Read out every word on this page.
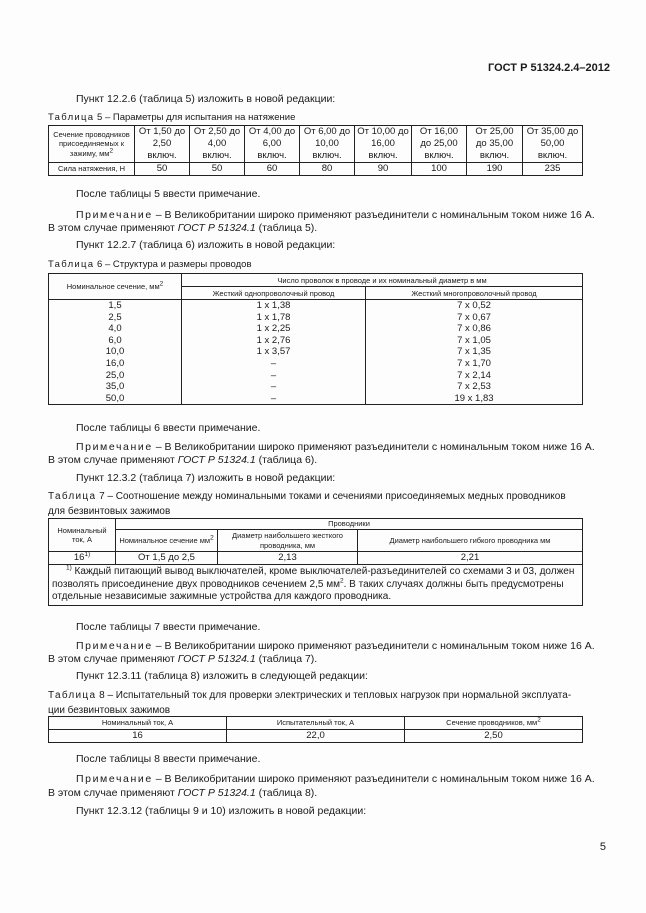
ГОСТ Р 51324.2.4–2012
Пункт 12.2.6 (таблица 5) изложить в новой редакции:
Таблица 5 – Параметры для испытания на натяжение
Сечение проводников присоединяемых к зажиму, $мм^2$	От 1,50 до 2,50 включ.	От 2,50 до 4,00 включ.	От 4,00 до 6,00 включ.	От 6,00 до 10,00 включ.	От 10,00 до 16,00 включ.	От 16,00 до 25,00 включ.	От 25,00 до 35,00 включ.	От 35,00 до 50,00 включ.
Сила натяжения, Н	50	50	60	80	90	100	190	235
После таблицы 5 ввести примечание.
Примечание – В Великобритании широко применяют разъединители с номинальным током ниже 16 А.
В этом случае применяют ГОСТ Р 51324.1 (таблица 5).
Пункт 12.2.7 (таблица 6) изложить в новой редакции:
Таблица 6 – Структура и размеры проводов
Номинальное сечение, $мм^2$	Число проволок в проводе и их номинальный диаметр в мм	
	Жесткий однопроволочный провод	Жесткий многопроволочный провод
1,5	1 x 1,38	7 x 0,52
2,5	1 x 1,78	7 x 0,67
4,0	1 x 2,25	7 x 0,86
6,0	1 x 2,76	7 x 1,05
10,0	1 x 3,57	7 x 1,35
16,0	–	7 x 1,70
25,0	–	7 x 2,14
35,0	–	7 x 2,53
50,0	–	19 x 1,83
После таблицы 6 ввести примечание.
Примечание – В Великобритании широко применяют разъединители с номинальным током ниже 16 А.
В этом случае применяют ГОСТ Р 51324.1 (таблица 6).
Пункт 12.3.2 (таблица 7) изложить в новой редакции:
Таблица 7 – Соотношение между номинальными токами и сечениями присоединяемых медных проводников
для безвинтовых зажимов
Номинальный ток, А	Проводники		
	Номинальное сечение $мм^2$	Диаметр наибольшего жесткого проводника, мм	Диаметр наибольшего гибкого проводника мм
16$^{1)}$	От 1,5 до 2,5	2,13	2,21
$^{1)}$ Каждый питающий вывод выключателей, кроме выключателей-разъединителей со схемами 3 и 03, должен
позволять присоединение двух проводников сечением 2,5 $мм^2$. В таких случаях должны быть предусмотрены
отдельные независимые зажимные устройства для каждого проводника.			
После таблицы 7 ввести примечание.
Примечание – В Великобритании широко применяют разъединители с номинальным током ниже 16 А.
В этом случае применяют ГОСТ Р 51324.1 (таблица 7).
Пункт 12.3.11 (таблица 8) изложить в следующей редакции:
Таблица 8 – Испытательный ток для проверки электрических и тепловых нагрузок при нормальной эксплуата-
ции безвинтовых зажимов
Номинальный ток, А	Испытательный ток, А	Сечение проводников, $мм^2$
16	22,0	2,50
После таблицы 8 ввести примечание.
Примечание – В Великобритании широко применяют разъединители с номинальным током ниже 16 А.
В этом случае применяют ГОСТ Р 51324.1 (таблица 8).
Пункт 12.3.12 (таблицы 9 и 10) изложить в новой редакции:
5
